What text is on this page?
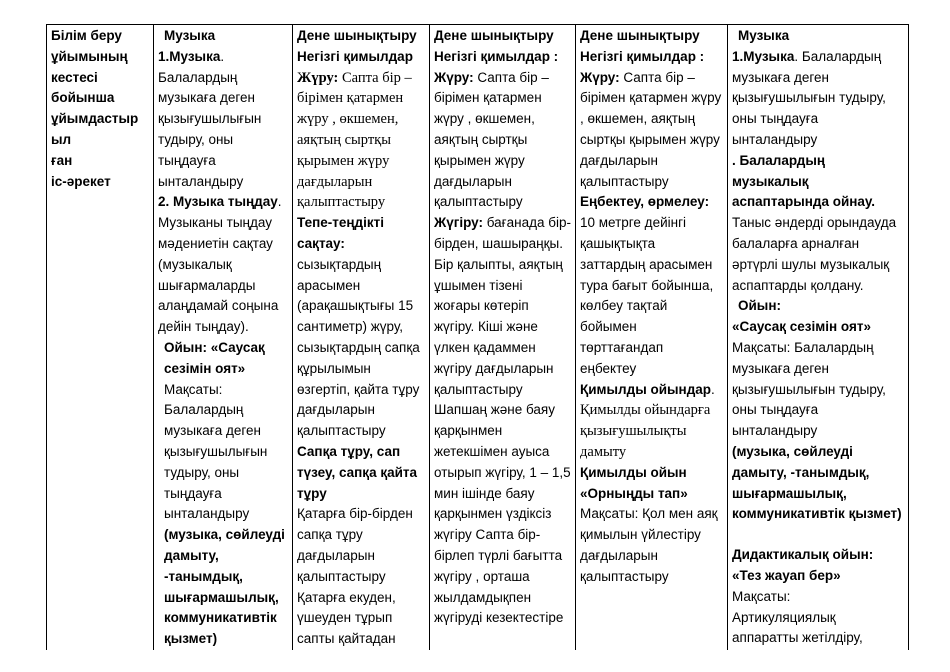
Білім беру
ұйымының
кестесі
бойынша
ұйымдастыр
ыл
ған
іс-әрекет

Музыка
1.Музыка. Балалардың музыкаға деген қызығушылығын тудыру, оны тыңдауға ынталандыру
2. Музыка тыңдау. Музыканы тыңдау мәдениетін сақтау (музыкалық шығармаларды алаңдамай соңына дейін тыңдау).
Ойын: «Саусақ сезімін оят»
Мақсаты:
Балалардың музыкаға деген қызығушылығын тудыру, оны тыңдауға ынталандыру
(музыка, сөйлеуді дамыту, -танымдық, шығармашылық, коммуникативтік қызмет)

Дене шынықтыру Негізгі қимылдар
Жүру: Сапта бір –бірімен қатармен жүру , өкшемен, аяқтың сыртқы қырымен жүру дағдыларын қалыптастыру
Тепе-теңдікті сақтау:
сызықтардың арасымен (арақашықтығы 15 сантиметр) жүру, сызықтардың сапқа құрылымын өзгертіп, қайта тұру дағдыларын қалыптастыру
Сапқа тұру, сап түзеу, сапқа қайта тұру
Қатарға бір-бірден сапқа тұру дағдыларын қалыптастыру Қатарға екуден, үшеуден тұрып сапты қайтадан

Дене шынықтыру Негізгі қимылдар :
Жүру: Сапта бір – бірімен қатармен жүру , өкшемен, аяқтың сыртқы қырымен жүру дағдыларын қалыптастыру
Жүгіру: бағанада бір-бірден, шашыраңқы. Бір қалыпты, аяқтың ұшымен тізені жоғары көтеріп жүгіру. Кіші және үлкен қадаммен жүгіру дағдыларын қалыптастыру Шапшаң және баяу қарқынмен жетекшімен ауыса отырып жүгіру, 1 – 1,5 мин ішінде баяу қарқынмен үздіксіз жүгіру Сапта бір-бірлеп түрлі бағытта жүгіру , орташа жылдамдықпен жүгіруді кезектестіре

Дене шынықтыру Негізгі қимылдар :
Жүру: Сапта бір – бірімен қатармен жүру , өкшемен, аяқтың сыртқы қырымен жүру дағдыларын қалыптастыру
Еңбектеу, өрмелеу:
10 метрге дейінгі қашықтықта заттардың арасымен тура бағыт бойынша, көлбеу тақтай бойымен төрттағандап еңбектеу
Қимылды ойындар. Қимылды ойындарға қызығушылықты дамыту
Қимылды ойын «Орныңды тап»
Мақсаты: Қол мен аяқ қимылын үйлестіру дағдыларын қалыптастыру

Музыка
1.Музыка. Балалардың музыкаға деген қызығушылығын тудыру, оны тыңдауға ынталандыру
. Балалардың музыкалық аспаптарында ойнау.
Таныс әндерді орындауда балаларға арналған әртүрлі шулы музыкалық аспаптарды қолдану.
Ойын:
«Саусақ сезімін оят»
Мақсаты: Балалардың музыкаға деген қызығушылығын тудыру, оны тыңдауға ынталандыру
(музыка, сөйлеуді дамыту, -танымдық, шығармашылық, коммуникативтік қызмет)
Дидактикалық ойын:
«Тез жауап бер»
Мақсаты:
Артикуляциялық аппаратты жетілдіру,
